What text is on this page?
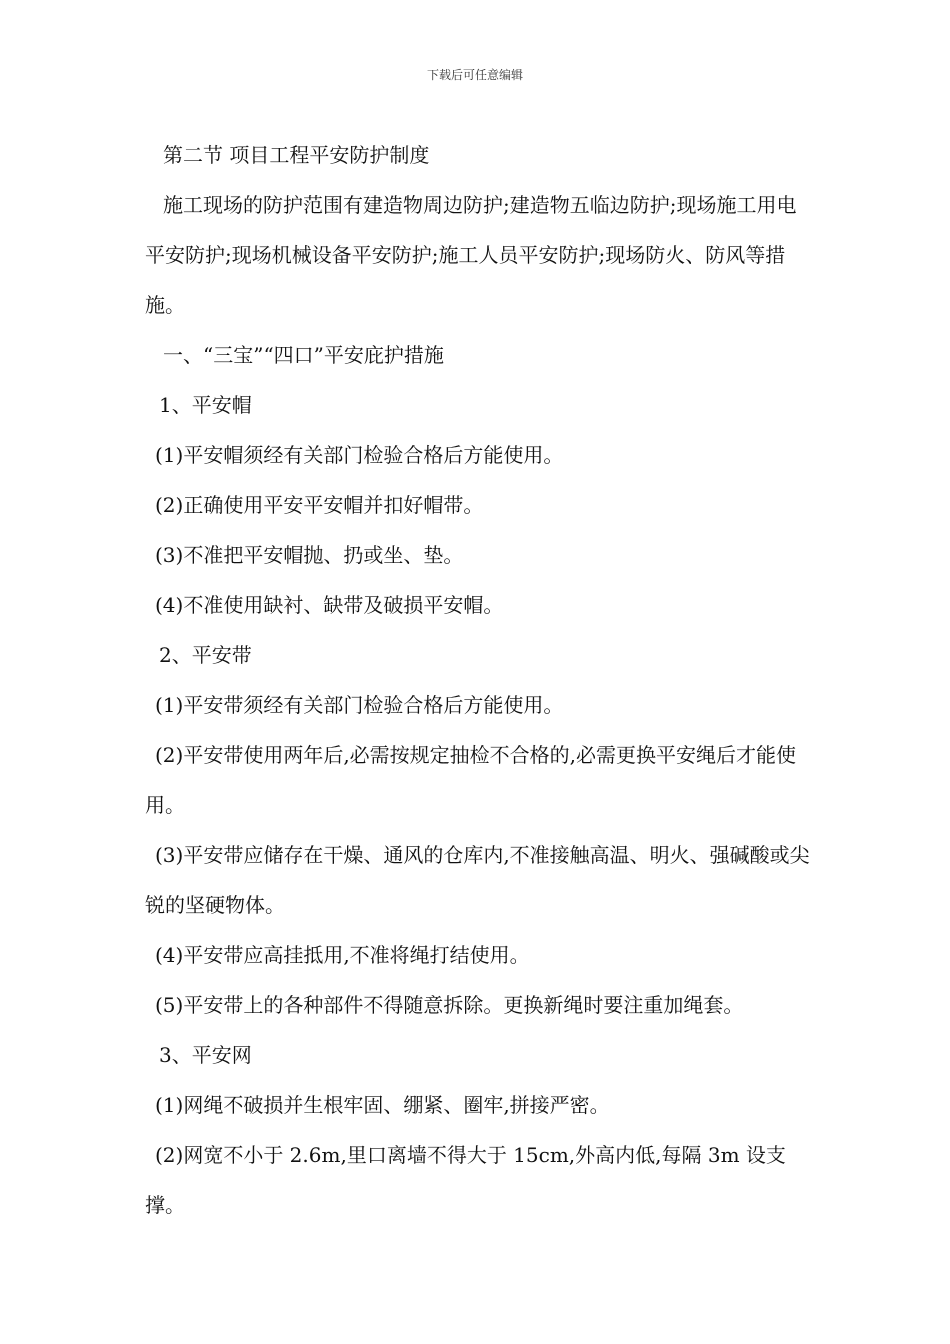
下载后可任意编辑

第二节 项目工程平安防护制度

施工现场的防护范围有建造物周边防护;建造物五临边防护;现场施工用电平安防护;现场机械设备平安防护;施工人员平安防护;现场防火、防风等措施。

一、“三宝”“四口”平安庇护措施

1、平安帽

(1)平安帽须经有关部门检验合格后方能使用。

(2)正确使用平安平安帽并扣好帽带。

(3)不准把平安帽抛、扔或坐、垫。

(4)不准使用缺衬、缺带及破损平安帽。

2、平安带

(1)平安带须经有关部门检验合格后方能使用。

(2)平安带使用两年后,必需按规定抽检不合格的,必需更换平安绳后才能使用。

(3)平安带应储存在干燥、通风的仓库内,不准接触高温、明火、强碱酸或尖锐的坚硬物体。

(4)平安带应高挂抵用,不准将绳打结使用。

(5)平安带上的各种部件不得随意拆除。更换新绳时要注重加绳套。

3、平安网

(1)网绳不破损并生根牢固、绷紧、圈牢,拼接严密。

(2)网宽不小于 2.6m,里口离墙不得大于 15cm,外高内低,每隔 3m 设支撑。
